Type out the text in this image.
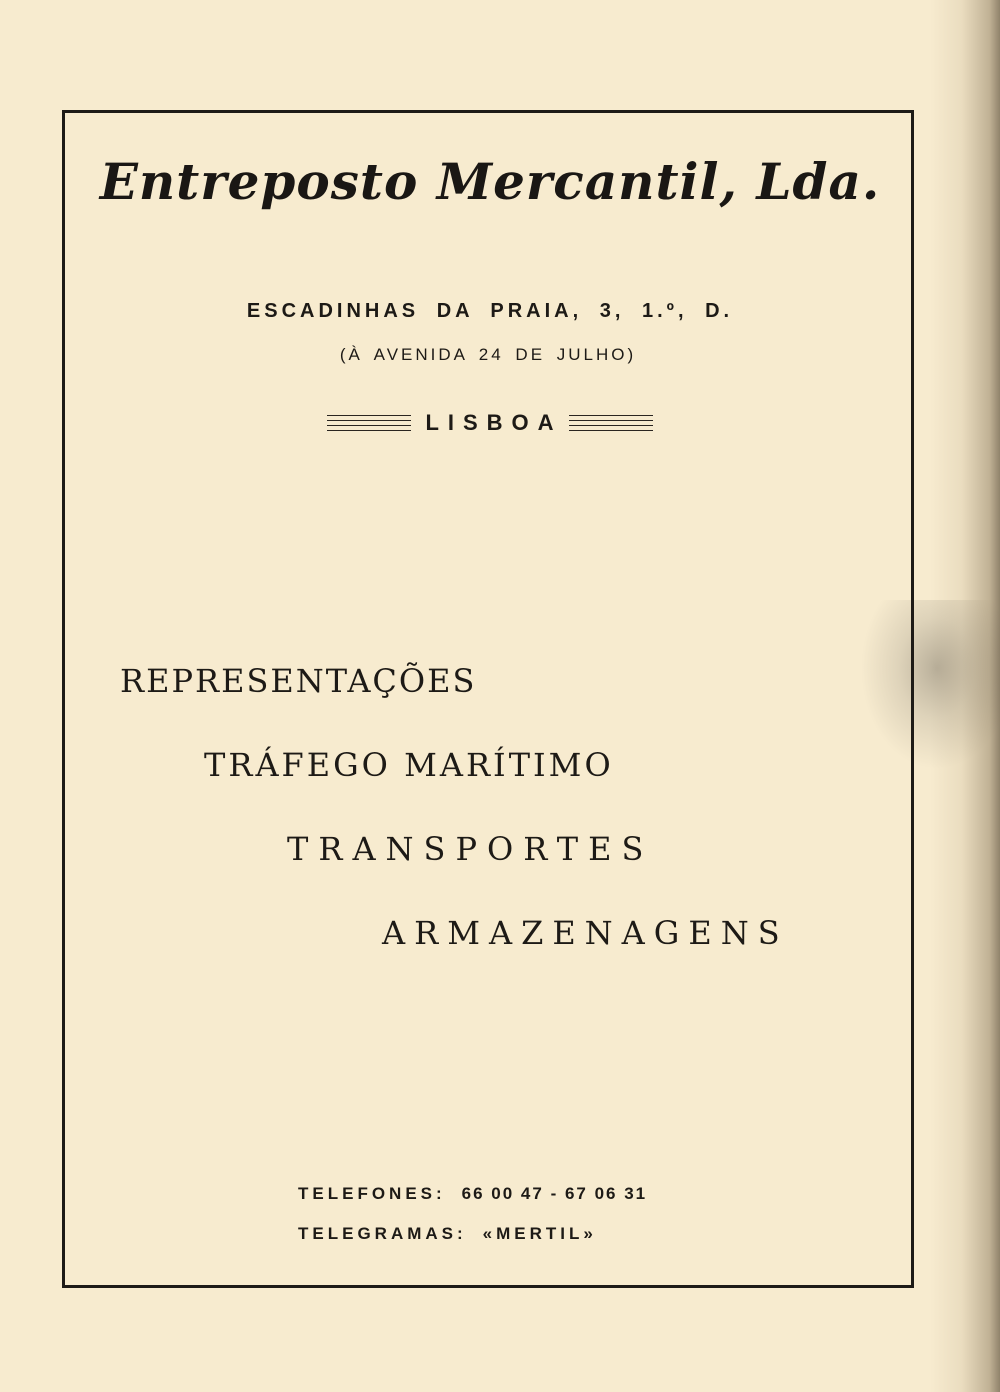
Entreposto Mercantil, Lda.
ESCADINHAS DA PRAIA, 3, 1.º, D.
(À AVENIDA 24 DE JULHO)
LISBOA
REPRESENTAÇÕES
TRÁFEGO MARÍTIMO
TRANSPORTES
ARMAZENAGENS
TELEFONES: 66 00 47 - 67 06 31
TELEGRAMAS: «MERTIL»
